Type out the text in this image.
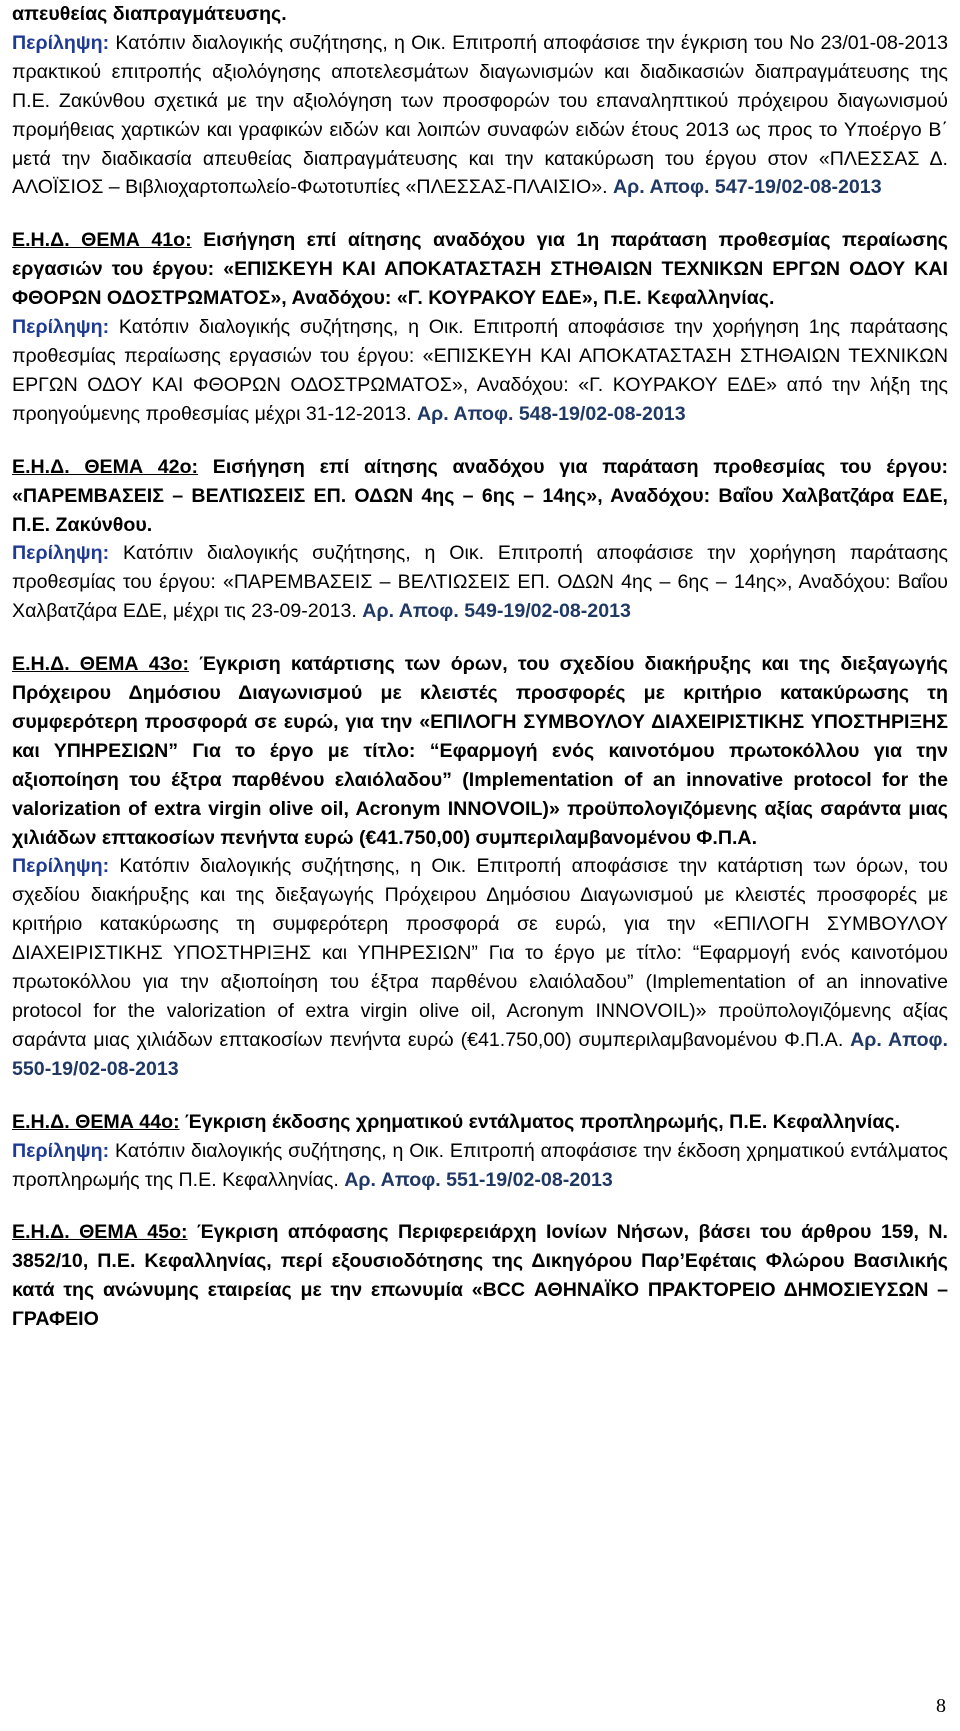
απευθείας διαπραγμάτευσης.

Περίληψη: Κατόπιν διαλογικής συζήτησης, η Οικ. Επιτροπή αποφάσισε την έγκριση του Νο 23/01-08-2013 πρακτικού επιτροπής αξιολόγησης αποτελεσμάτων διαγωνισμών και διαδικασιών διαπραγμάτευσης της Π.Ε. Ζακύνθου σχετικά με την αξιολόγηση των προσφορών του επαναληπτικού πρόχειρου διαγωνισμού προμήθειας χαρτικών και γραφικών ειδών και λοιπών συναφών ειδών έτους 2013 ως προς το Υποέργο Β΄ μετά την διαδικασία απευθείας διαπραγμάτευσης και την κατακύρωση του έργου στον «ΠΛΕΣΣΑΣ Δ. ΑΛΟΪΣΙΟΣ – Βιβλιοχαρτοπωλείο-Φωτοτυπίες «ΠΛΕΣΣΑΣ-ΠΛΑΙΣΙΟ». Αρ. Αποφ. 547-19/02-08-2013

Ε.Η.Δ. ΘΕΜΑ 41ο: Εισήγηση επί αίτησης αναδόχου για 1η παράταση προθεσμίας περαίωσης εργασιών του έργου: «ΕΠΙΣΚΕΥΗ ΚΑΙ ΑΠΟΚΑΤΑΣΤΑΣΗ ΣΤΗΘΑΙΩΝ ΤΕΧΝΙΚΩΝ ΕΡΓΩΝ ΟΔΟΥ ΚΑΙ ΦΘΟΡΩΝ ΟΔΟΣΤΡΩΜΑΤΟΣ», Αναδόχου: «Γ. ΚΟΥΡΑΚΟΥ ΕΔΕ», Π.Ε. Κεφαλληνίας.

Περίληψη: Κατόπιν διαλογικής συζήτησης, η Οικ. Επιτροπή αποφάσισε την χορήγηση 1ης παράτασης προθεσμίας περαίωσης εργασιών του έργου: «ΕΠΙΣΚΕΥΗ ΚΑΙ ΑΠΟΚΑΤΑΣΤΑΣΗ ΣΤΗΘΑΙΩΝ ΤΕΧΝΙΚΩΝ ΕΡΓΩΝ ΟΔΟΥ ΚΑΙ ΦΘΟΡΩΝ ΟΔΟΣΤΡΩΜΑΤΟΣ», Αναδόχου: «Γ. ΚΟΥΡΑΚΟΥ ΕΔΕ» από την λήξη της προηγούμενης προθεσμίας μέχρι 31-12-2013. Αρ. Αποφ. 548-19/02-08-2013

Ε.Η.Δ. ΘΕΜΑ 42ο: Εισήγηση επί αίτησης αναδόχου για παράταση προθεσμίας του έργου: «ΠΑΡΕΜΒΑΣΕΙΣ – ΒΕΛΤΙΩΣΕΙΣ ΕΠ. ΟΔΩΝ 4ης – 6ης – 14ης», Αναδόχου: Βαΐου Χαλβατζάρα ΕΔΕ, Π.Ε. Ζακύνθου.

Περίληψη: Κατόπιν διαλογικής συζήτησης, η Οικ. Επιτροπή αποφάσισε την χορήγηση παράτασης προθεσμίας του έργου: «ΠΑΡΕΜΒΑΣΕΙΣ – ΒΕΛΤΙΩΣΕΙΣ ΕΠ. ΟΔΩΝ 4ης – 6ης – 14ης», Αναδόχου: Βαΐου Χαλβατζάρα ΕΔΕ, μέχρι τις 23-09-2013. Αρ. Αποφ. 549-19/02-08-2013

Ε.Η.Δ. ΘΕΜΑ 43ο: Έγκριση κατάρτισης των όρων, του σχεδίου διακήρυξης και της διεξαγωγής Πρόχειρου Δημόσιου Διαγωνισμού με κλειστές προσφορές με κριτήριο κατακύρωσης τη συμφερότερη προσφορά σε ευρώ, για την «ΕΠΙΛΟΓΗ ΣΥΜΒΟΥΛΟΥ ΔΙΑΧΕΙΡΙΣΤΙΚΗΣ ΥΠΟΣΤΗΡΙΞΗΣ και ΥΠΗΡΕΣΙΩΝ” Για το έργο με τίτλο: “Εφαρμογή ενός καινοτόμου πρωτοκόλλου για την αξιοποίηση του έξτρα παρθένου ελαιόλαδου” (Implementation of an innovative protocol for the valorization of extra virgin olive oil, Acronym INNOVOIL)» προϋπολογιζόμενης αξίας σαράντα μιας χιλιάδων επτακοσίων πενήντα ευρώ (€41.750,00) συμπεριλαμβανομένου Φ.Π.Α.

Περίληψη: Κατόπιν διαλογικής συζήτησης, η Οικ. Επιτροπή αποφάσισε την κατάρτιση των όρων, του σχεδίου διακήρυξης και της διεξαγωγής Πρόχειρου Δημόσιου Διαγωνισμού με κλειστές προσφορές με κριτήριο κατακύρωσης τη συμφερότερη προσφορά σε ευρώ, για την «ΕΠΙΛΟΓΗ ΣΥΜΒΟΥΛΟΥ ΔΙΑΧΕΙΡΙΣΤΙΚΗΣ ΥΠΟΣΤΗΡΙΞΗΣ και ΥΠΗΡΕΣΙΩΝ” Για το έργο με τίτλο: “Εφαρμογή ενός καινοτόμου πρωτοκόλλου για την αξιοποίηση του έξτρα παρθένου ελαιόλαδου” (Implementation of an innovative protocol for the valorization of extra virgin olive oil, Acronym INNOVOIL)» προϋπολογιζόμενης αξίας σαράντα μιας χιλιάδων επτακοσίων πενήντα ευρώ (€41.750,00) συμπεριλαμβανομένου Φ.Π.Α. Αρ. Αποφ. 550-19/02-08-2013

Ε.Η.Δ. ΘΕΜΑ 44ο: Έγκριση έκδοσης χρηματικού εντάλματος προπληρωμής, Π.Ε. Κεφαλληνίας.

Περίληψη: Κατόπιν διαλογικής συζήτησης, η Οικ. Επιτροπή αποφάσισε την έκδοση χρηματικού εντάλματος προπληρωμής της Π.Ε. Κεφαλληνίας. Αρ. Αποφ. 551-19/02-08-2013

Ε.Η.Δ. ΘΕΜΑ 45ο: Έγκριση απόφασης Περιφερειάρχη Ιονίων Νήσων, βάσει του άρθρου 159, Ν. 3852/10, Π.Ε. Κεφαλληνίας, περί εξουσιοδότησης της Δικηγόρου Παρ’Εφέταις Φλώρου Βασιλικής κατά της ανώνυμης εταιρείας με την επωνυμία «BCC ΑΘΗΝΑΪΚΟ ΠΡΑΚΤΟΡΕΙΟ ΔΗΜΟΣΙΕΥΣΩΝ – ΓΡΑΦΕΙΟ

8
